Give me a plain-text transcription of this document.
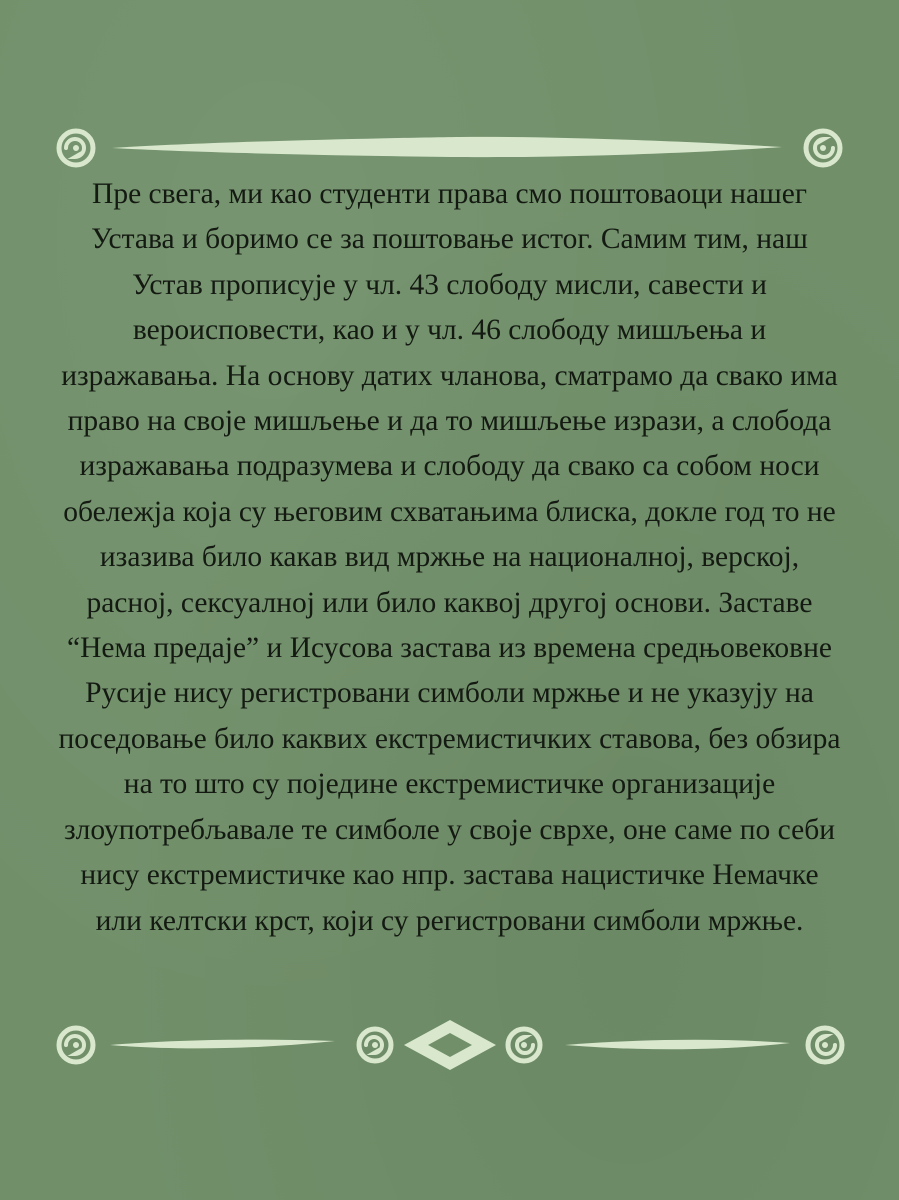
Пре свега, ми као студенти права смо поштоваоци нашег Устава и боримо се за поштовање истог. Самим тим, наш Устав прописује у чл. 43 слободу мисли, савести и вероисповести, као и у чл. 46 слободу мишљења и изражавања. На основу датих чланова, сматрамо да свако има право на своје мишљење и да то мишљење изрази, а слобода изражавања подразумева и слободу да свако са собом носи обележја која су његовим схватањима блиска, докле год то не изазива било какав вид мржње на националној, верској, расној, сексуалној или било каквој другој основи. Заставе “Нема предаје” и Исусова застава из времена средњовековне Русије нису регистровани симболи мржње и не указују на поседовање било каквих екстремистичких ставова, без обзира на то што су поједине екстремистичке организације злоупотребљавале те симболе у своје сврхе, оне саме по себи нису екстремистичке као нпр. застава нацистичке Немачке или келтски крст, који су регистровани симболи мржње.
